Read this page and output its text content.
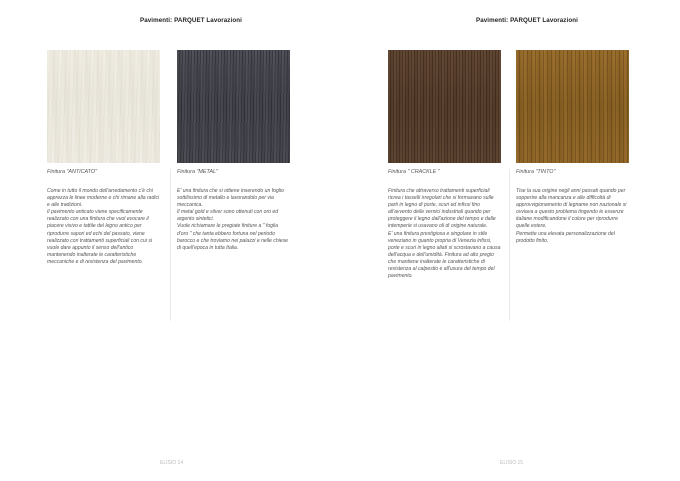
Pavimenti: PARQUET Lavorazioni
Finitura "ANTICATO"

Come in tutto il mondo dell'arredamento c'è chi apprezza le linee moderne e chi rimane alla radici e alle tradizioni.

Il pavimento anticato viene specificamente realizzato con una finitura che vuol evocare il piacere visivo e tattile del legno antico per riprodurre sapori ed echi del passato, viene realizzato con trattamenti superficiali con cui si vuole dare appunto il senso dell'antico mantenendo inalterate le caratteristiche meccaniche e di resistenza del pavimento.

Finitura "METAL"

E' una finitura che si ottiene inserendo un foglio sottilissimo di metallo e lavorandolo per via meccanica.

Il metal gold e silver sono ottenuti con oro ed argento sintetici.

Vuole richiamare le pregiate finiture a " foglia d'oro " che tanta ebbero fortuna nel periodo barocco e che troviamo nei palazzi e nelle chiese di quell'epoca in tutta Italia.

ELISIO 14
Pavimenti: PARQUET Lavorazioni
Finitura " CRACKLE "

Finitura che attraverso trattamenti superficiali ricrea i tasselli irregolari che si formavano sulle parti in legno di porte, scuri ed infissi fino all'avvento delle vernici industriali quando per proteggere il legno dall'azione del tempo e dalle intemperie si usavano oli di origine naturale.

E' una finitura prestigiosa e singolare in stile veneziano in quanto propria di Venezia infissi, porte e scuri in legno aliati si scrostavano a causa dell'acqua e dell'umidità. Finitura ad alto pregio che mantiene inalterate le caratteristiche di resistenza al calpestio e all'usura del tempo del pavimento.

Finitura "TINTO"

Tise la sua origine negli anni passati quando per sopperire alla mancanza e alle difficoltà di approvvigionamento di legname non nazionale si ovviava a questo problema tingendo le essenze italiane modificandone il colore per riprodurre quelle estere.

Permette una elevata personalizzazione del prodotto finito.

ELISIO 15
